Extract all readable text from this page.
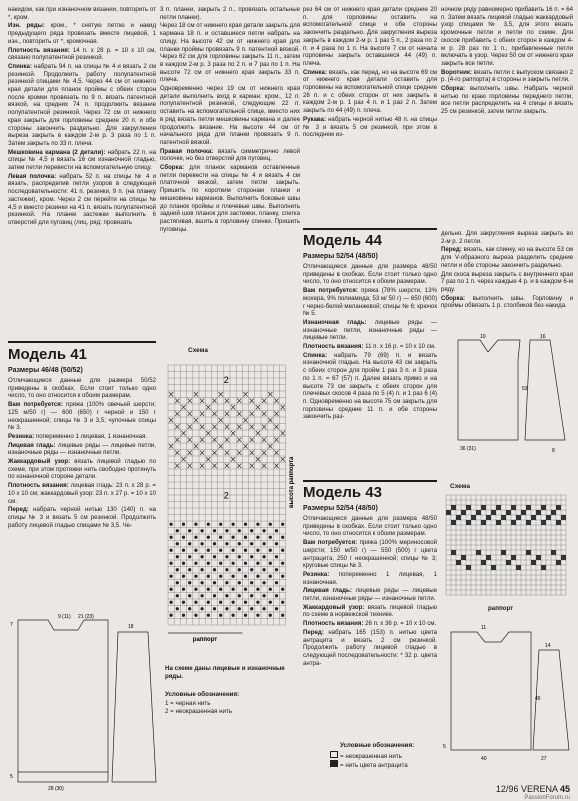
накидом, как при изнаночном вязании, повторить от *, кром.

Изн. ряды: кром., * снятую петлю и накид предыдущего ряда провязать вместе лицевой, 1 изн., повторить от *, кромочная.

Плотность вязания: 14 п. х 28 р. = 10 х 10 см, связано полупатентной резинкой.

Спинка: набрать 94 п. на спицы № 4 и вязать 2 см резинкой. Продолжить работу полупатентной резинкой спицами № 4,5. Через 44 см от нижнего края детали для планок проймы с обеих сторон после кромки провязать по 9 п. вязать патентной вязкой, на средних 74 п. продолжить вязание полупатентной резинкой. Через 72 см от нижнего края закрыть для горловины средние 20 п. и обе стороны закончить раздельно. Для закругления выреза закрыть в каждом 2-м р. 3 раза по 1 п. Затем закрыть по 33 п. плеча.

Мешковина кармана (2 детали): набрать 22 п. на спицы № 4,5 и вязать 16 см изнаночной гладью, затем петли перевести на вспомогательную спицу.

Левая полочка: набрать 52 п. на спицы № 4 и вязать, распределив петли узоров в следующей последовательности: 41 п. резинки, 9 п. (на планку застежки), кром. Через 2 см перейти на спицы № 4,5 и вместо резинки на 41 п. вязать полупатентной резинкой. На планке застежки выполнить 6 отверстий для пуговиц (лиц. ряд: провязать

3 п. планки, закрыть 2 п., провязать остальные петли планки).

Через 18 см от нижнего края детали закрыть для кармана 18 п. и оставшиеся петли набрать на спицу. На высоте 42 см от нижнего края для планки проймы провязать 9 п. патентной вязкой. Через 62 см для горловины закрыть 11 п., затем в каждом 2-м р. 3 раза по 2 п. и 7 раз по 1 п. На высоте 72 см от нижнего края закрыть 33 п. плеча.

Одновременно через 19 см от нижнего края детали выполнить вход в карман: кром., 12 п. полупатентной резинкой, следующие 22 п. оставить на вспомогательной спице, вместо них в ряд вязать петли мешковины кармана и далее продолжить вязание. На высоте 44 см от начального ряда для планки провязать 9 п. патентной вязкой.

Правая полочка: вязать симметрично левой полочке, но без отверстий для пуговиц.

Сборка: для планок карманов оставленные петли перевести на спицы № 4 и вязать 4 см платочной вязкой, затем петли закрыть. Пришить по коротким сторонам планки и мешковины карманов. Выполнить боковые швы до планок проймы и плечевые швы. Выполнить задний шов планок для застежки, планку, слегка растягивая, вшить в горловину спинки. Пришить пуговицы.

рез 64 см от нижнего края детали средние 20 п. для горловины оставить на вспомогательной спице и обе стороны закончить раздельно. Для закругления выреза закрыть в каждом 2-м р. 1 раз 5 п., 2 раза по 2 п. и 4 раза по 1 п. На высоте 7 см от начала горловины закрыть оставшиеся 44 (49) п. плеча.

Спинка: вязать, как перед, но на высоте 69 см от нижнего края детали оставить для горловины на вспомогательной спице средние 28 п. и с обеих сторон от них закрыть в каждом 2-м р. 1 раз 4 п. и 1 раз 2 п. Затем закрыть по 44 (49) п. плеча.

Рукава: набрать черной нитью 48 п. на спицы № 3 и вязать 5 см резинкой, при этом в последнем из-

ночном ряду равномерно прибавить 16 п. = 64 п. Затем вязать лицевой гладью жаккардовый узор спицами № 3,5, для этого вязать кромочные петли и петли по схеме. Для скосов прибавить с обеих сторон в каждом 4-м р. 28 раз по 1 п., прибавленные петли включать в узор. Через 50 см от нижнего края закрыть все петли.

Воротник: вязать петли с выпуском связано 2 р. (4-го раппорта) в стороны и закрыть петли.

Сборка: выполнить швы. Набрать черной нитью по краю горловины переднего петли, все петли распределить на 4 спицы и вязать 25 см резинкой, затем петли закрыть.

Модель 44
Размеры 52/54 (48/50)

Отличающиеся данные для размера 48/50 приведены в скобках. Если стоит только одно число, то оно относится к обоим размерам.

Вам потребуется: пряжа (78% шерсти, 13% мохера, 9% полиамида; 53 м/ 50 г) — 650 (600) г черно-белой меланжевой; спицы № 6; крючок № 5.

Изнаночная гладь: лицевые ряды — изнаночные петли, изнаночные ряды — лицевые петли.

Плотность вязания: 11 п. х 16 р. = 10 х 10 см.

Спинка: набрать 79 (69) п. и вязать изнаночной гладью. На высоте 43 см закрыть с обеих сторон для пройм 1 раз 3 п. и 3 раза по 1 п. = 67 (57) п. Далее вязать прямо и на высоте 73 см закрыть с обеих сторон для плечевых скосов 4 раза по 5 (4) п. и 1 раз 6 (4) п. Одновременно на высоте 75 см закрыть для горловины средние 11 п. и обе стороны закончить раз-

дельно. Для закругления выреза закрыть во 2-м р. 2 петли.

Перед: вязать, как спинку, но на высоте 53 см для V-образного выреза разделить средние петли и обе стороны закончить раздельно.

Для скоса выреза закрыть с внутреннего края 7 раз по 1 п. через каждые 4 р. и в каждом 6-м ряду.

Сборка: выполнить швы. Горловину и проймы обвязать 1 р. столбиков без накида.

36 (31)
53
10	16
8
Модель 41
Размеры 46/48 (50/52)

Отличающиеся данные для размера 50/52 приведены в скобках. Если стоит только одно число, то оно относится к обоим размерам.

Вам потребуется: пряжа (100% овечьей шерсти; 125 м/50 г) — 600 (650) г черной и 150 г неокрашенной; спицы № 3 и 3,5; чулочные спицы № 3.

Резинка: попеременно 1 лицевая, 1 изнаночная.

Лицевая гладь: лицевые ряды — лицевые петли, изнаночные ряды — изнаночные петли.

Жаккардовый узор: вязать лицевой гладью по схеме, при этом протяжки нить свободно протянуть по изнаночной стороне детали.

Плотность вязания: лицевая гладь: 23 п. х 28 р. = 10 х 10 см; жаккардовый узор: 23 п. х 27 р. = 10 х 10 см.

Перед: набрать черной нитью 130 (140) п. на спицы № 3 и вязать 5 см резинкой. Продолжить работу лицевой гладью спицами № 3,5. Че-

9 (11) 21 (23)
7
28 (30)
18
5
Схема
2
2
раппорт
высота раппорта
На схеме даны лицевые и изнаночные ряды.
Условные обозначения:
1 = черная нить
2 = неокрашенная нить
Модель 43
Размеры 52/54 (48/50)

Отличающиеся данные для размера 48/50 приведены в скобках. Если стоит только одно число, то оно относится к обоим размерам.

Вам потребуется: пряжа (100% мериносовой шерсти; 150 м/50 г) — 550 (500) г цвета антрацита, 250 г неокрашенной; спицы № 3; круговые спицы № 3.

Резинка: попеременно 1 лицевая, 1 изнаночная.

Лицевая гладь: лицевые ряды — лицевые петли, изнаночные ряды — изнаночные петли.

Жаккардовый узор: вязать лицевой гладью по схеме в норвежской технике.

Плотность вязания: 26 п. х 36 р. = 10 х 10 см.

Перед: набрать 165 (153) п. нитью цвета антрацита и вязать 2 см резинкой. Продолжить работу лицевой гладью в следующей последовательности: * 32 р. цвета антра-

Условные обозначения:
= неокрашенная нить
= нить цвета антрацита
Схема
раппорт
11
45
14
27
40
5
12/96 VERENA 45
PassionForum.ru
